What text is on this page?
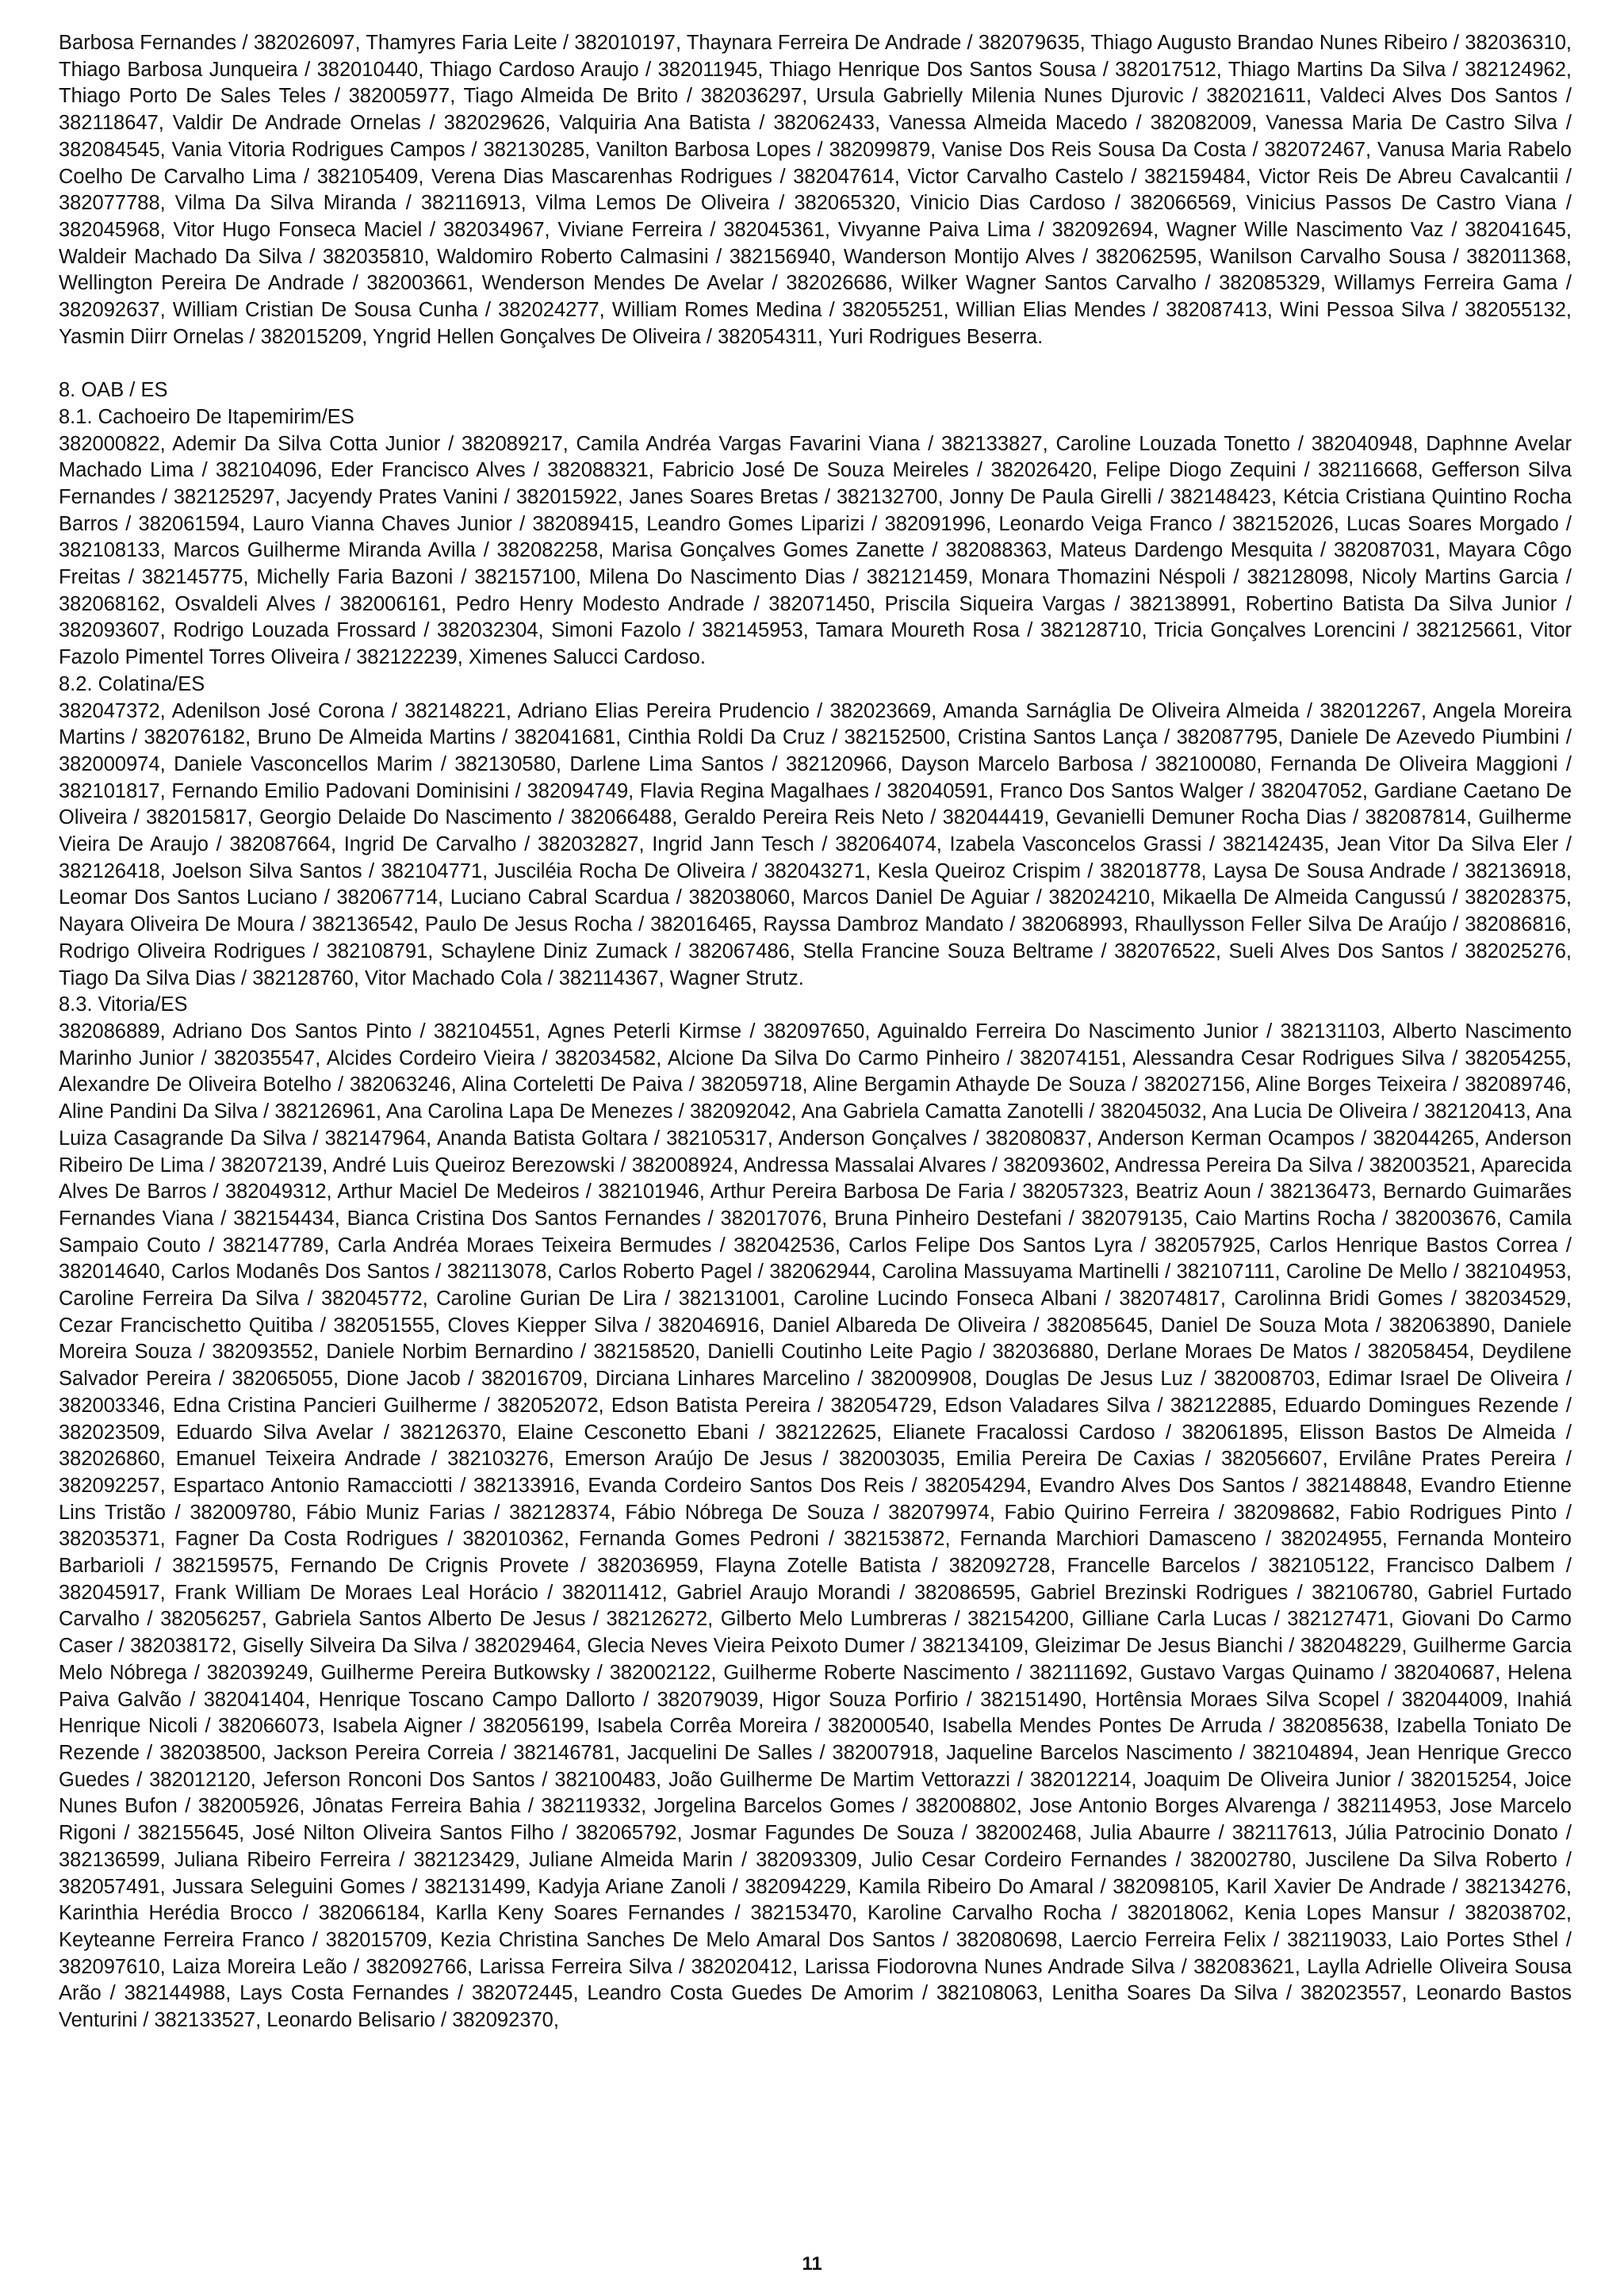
Barbosa Fernandes / 382026097, Thamyres Faria Leite / 382010197, Thaynara Ferreira De Andrade / 382079635, Thiago Augusto Brandao Nunes Ribeiro / 382036310, Thiago Barbosa Junqueira / 382010440, Thiago Cardoso Araujo / 382011945, Thiago Henrique Dos Santos Sousa / 382017512, Thiago Martins Da Silva / 382124962, Thiago Porto De Sales Teles / 382005977, Tiago Almeida De Brito / 382036297, Ursula Gabrielly Milenia Nunes Djurovic / 382021611, Valdeci Alves Dos Santos / 382118647, Valdir De Andrade Ornelas / 382029626, Valquiria Ana Batista / 382062433, Vanessa Almeida Macedo / 382082009, Vanessa Maria De Castro Silva / 382084545, Vania Vitoria Rodrigues Campos / 382130285, Vanilton Barbosa Lopes / 382099879, Vanise Dos Reis Sousa Da Costa / 382072467, Vanusa Maria Rabelo Coelho De Carvalho Lima / 382105409, Verena Dias Mascarenhas Rodrigues / 382047614, Victor Carvalho Castelo / 382159484, Victor Reis De Abreu Cavalcantii / 382077788, Vilma Da Silva Miranda / 382116913, Vilma Lemos De Oliveira / 382065320, Vinicio Dias Cardoso / 382066569, Vinicius Passos De Castro Viana / 382045968, Vitor Hugo Fonseca Maciel / 382034967, Viviane Ferreira / 382045361, Vivyanne Paiva Lima / 382092694, Wagner Wille Nascimento Vaz / 382041645, Waldeir Machado Da Silva / 382035810, Waldomiro Roberto Calmasini / 382156940, Wanderson Montijo Alves / 382062595, Wanilson Carvalho Sousa / 382011368, Wellington Pereira De Andrade / 382003661, Wenderson Mendes De Avelar / 382026686, Wilker Wagner Santos Carvalho / 382085329, Willamys Ferreira Gama / 382092637, William Cristian De Sousa Cunha / 382024277, William Romes Medina / 382055251, Willian Elias Mendes / 382087413, Wini Pessoa Silva / 382055132, Yasmin Diirr Ornelas / 382015209, Yngrid Hellen Gonçalves De Oliveira / 382054311, Yuri Rodrigues Beserra.

8. OAB / ES

8.1. Cachoeiro De Itapemirim/ES

382000822, Ademir Da Silva Cotta Junior / 382089217, Camila Andréa Vargas Favarini Viana / 382133827, Caroline Louzada Tonetto / 382040948, Daphnne Avelar Machado Lima / 382104096, Eder Francisco Alves / 382088321, Fabricio José De Souza Meireles / 382026420, Felipe Diogo Zequini / 382116668, Gefferson Silva Fernandes / 382125297, Jacyendy Prates Vanini / 382015922, Janes Soares Bretas / 382132700, Jonny De Paula Girelli / 382148423, Kétcia Cristiana Quintino Rocha Barros / 382061594, Lauro Vianna Chaves Junior / 382089415, Leandro Gomes Liparizi / 382091996, Leonardo Veiga Franco / 382152026, Lucas Soares Morgado / 382108133, Marcos Guilherme Miranda Avilla / 382082258, Marisa Gonçalves Gomes Zanette / 382088363, Mateus Dardengo Mesquita / 382087031, Mayara Côgo Freitas / 382145775, Michelly Faria Bazoni / 382157100, Milena Do Nascimento Dias / 382121459, Monara Thomazini Néspoli / 382128098, Nicoly Martins Garcia / 382068162, Osvaldeli Alves / 382006161, Pedro Henry Modesto Andrade / 382071450, Priscila Siqueira Vargas / 382138991, Robertino Batista Da Silva Junior / 382093607, Rodrigo Louzada Frossard / 382032304, Simoni Fazolo / 382145953, Tamara Moureth Rosa / 382128710, Tricia Gonçalves Lorencini / 382125661, Vitor Fazolo Pimentel Torres Oliveira / 382122239, Ximenes Salucci Cardoso.

8.2. Colatina/ES

382047372, Adenilson José Corona / 382148221, Adriano Elias Pereira Prudencio / 382023669, Amanda Sarnáglia De Oliveira Almeida / 382012267, Angela Moreira Martins / 382076182, Bruno De Almeida Martins / 382041681, Cinthia Roldi Da Cruz / 382152500, Cristina Santos Lança / 382087795, Daniele De Azevedo Piumbini / 382000974, Daniele Vasconcellos Marim / 382130580, Darlene Lima Santos / 382120966, Dayson Marcelo Barbosa / 382100080, Fernanda De Oliveira Maggioni / 382101817, Fernando Emilio Padovani Dominisini / 382094749, Flavia Regina Magalhaes / 382040591, Franco Dos Santos Walger / 382047052, Gardiane Caetano De Oliveira / 382015817, Georgio Delaide Do Nascimento / 382066488, Geraldo Pereira Reis Neto / 382044419, Gevanielli Demuner Rocha Dias / 382087814, Guilherme Vieira De Araujo / 382087664, Ingrid De Carvalho / 382032827, Ingrid Jann Tesch / 382064074, Izabela Vasconcelos Grassi / 382142435, Jean Vitor Da Silva Eler / 382126418, Joelson Silva Santos / 382104771, Jusciléia Rocha De Oliveira / 382043271, Kesla Queiroz Crispim / 382018778, Laysa De Sousa Andrade / 382136918, Leomar Dos Santos Luciano / 382067714, Luciano Cabral Scardua / 382038060, Marcos Daniel De Aguiar / 382024210, Mikaella De Almeida Cangussú / 382028375, Nayara Oliveira De Moura / 382136542, Paulo De Jesus Rocha / 382016465, Rayssa Dambroz Mandato / 382068993, Rhaullysson Feller Silva De Araújo / 382086816, Rodrigo Oliveira Rodrigues / 382108791, Schaylene Diniz Zumack / 382067486, Stella Francine Souza Beltrame / 382076522, Sueli Alves Dos Santos / 382025276, Tiago Da Silva Dias / 382128760, Vitor Machado Cola / 382114367, Wagner Strutz.

8.3. Vitoria/ES

382086889, Adriano Dos Santos Pinto / 382104551, Agnes Peterli Kirmse / 382097650, Aguinaldo Ferreira Do Nascimento Junior / 382131103, Alberto Nascimento Marinho Junior / 382035547, Alcides Cordeiro Vieira / 382034582, Alcione Da Silva Do Carmo Pinheiro / 382074151, Alessandra Cesar Rodrigues Silva / 382054255, Alexandre De Oliveira Botelho / 382063246, Alina Corteletti De Paiva / 382059718, Aline Bergamin Athayde De Souza / 382027156, Aline Borges Teixeira / 382089746, Aline Pandini Da Silva / 382126961, Ana Carolina Lapa De Menezes / 382092042, Ana Gabriela Camatta Zanotelli / 382045032, Ana Lucia De Oliveira / 382120413, Ana Luiza Casagrande Da Silva / 382147964, Ananda Batista Goltara / 382105317, Anderson Gonçalves / 382080837, Anderson Kerman Ocampos / 382044265, Anderson Ribeiro De Lima / 382072139, André Luis Queiroz Berezowski / 382008924, Andressa Massalai Alvares / 382093602, Andressa Pereira Da Silva / 382003521, Aparecida Alves De Barros / 382049312, Arthur Maciel De Medeiros / 382101946, Arthur Pereira Barbosa De Faria / 382057323, Beatriz Aoun / 382136473, Bernardo Guimarães Fernandes Viana / 382154434, Bianca Cristina Dos Santos Fernandes / 382017076, Bruna Pinheiro Destefani / 382079135, Caio Martins Rocha / 382003676, Camila Sampaio Couto / 382147789, Carla Andréa Moraes Teixeira Bermudes / 382042536, Carlos Felipe Dos Santos Lyra / 382057925, Carlos Henrique Bastos Correa / 382014640, Carlos Modanês Dos Santos / 382113078, Carlos Roberto Pagel / 382062944, Carolina Massuyama Martinelli / 382107111, Caroline De Mello / 382104953, Caroline Ferreira Da Silva / 382045772, Caroline Gurian De Lira / 382131001, Caroline Lucindo Fonseca Albani / 382074817, Carolinna Bridi Gomes / 382034529, Cezar Francischetto Quitiba / 382051555, Cloves Kiepper Silva / 382046916, Daniel Albareda De Oliveira / 382085645, Daniel De Souza Mota / 382063890, Daniele Moreira Souza / 382093552, Daniele Norbim Bernardino / 382158520, Danielli Coutinho Leite Pagio / 382036880, Derlane Moraes De Matos / 382058454, Deydilene Salvador Pereira / 382065055, Dione Jacob / 382016709, Dirciana Linhares Marcelino / 382009908, Douglas De Jesus Luz / 382008703, Edimar Israel De Oliveira / 382003346, Edna Cristina Pancieri Guilherme / 382052072, Edson Batista Pereira / 382054729, Edson Valadares Silva / 382122885, Eduardo Domingues Rezende / 382023509, Eduardo Silva Avelar / 382126370, Elaine Cesconetto Ebani / 382122625, Elianete Fracalossi Cardoso / 382061895, Elisson Bastos De Almeida / 382026860, Emanuel Teixeira Andrade / 382103276, Emerson Araújo De Jesus / 382003035, Emilia Pereira De Caxias / 382056607, Ervilâne Prates Pereira / 382092257, Espartaco Antonio Ramacciotti / 382133916, Evanda Cordeiro Santos Dos Reis / 382054294, Evandro Alves Dos Santos / 382148848, Evandro Etienne Lins Tristão / 382009780, Fábio Muniz Farias / 382128374, Fábio Nóbrega De Souza / 382079974, Fabio Quirino Ferreira / 382098682, Fabio Rodrigues Pinto / 382035371, Fagner Da Costa Rodrigues / 382010362, Fernanda Gomes Pedroni / 382153872, Fernanda Marchiori Damasceno / 382024955, Fernanda Monteiro Barbarioli / 382159575, Fernando De Crignis Provete / 382036959, Flayna Zotelle Batista / 382092728, Francelle Barcelos / 382105122, Francisco Dalbem / 382045917, Frank William De Moraes Leal Horácio / 382011412, Gabriel Araujo Morandi / 382086595, Gabriel Brezinski Rodrigues / 382106780, Gabriel Furtado Carvalho / 382056257, Gabriela Santos Alberto De Jesus / 382126272, Gilberto Melo Lumbreras / 382154200, Gilliane Carla Lucas / 382127471, Giovani Do Carmo Caser / 382038172, Giselly Silveira Da Silva / 382029464, Glecia Neves Vieira Peixoto Dumer / 382134109, Gleizimar De Jesus Bianchi / 382048229, Guilherme Garcia Melo Nóbrega / 382039249, Guilherme Pereira Butkowsky / 382002122, Guilherme Roberte Nascimento / 382111692, Gustavo Vargas Quinamo / 382040687, Helena Paiva Galvão / 382041404, Henrique Toscano Campo Dallorto / 382079039, Higor Souza Porfirio / 382151490, Hortênsia Moraes Silva Scopel / 382044009, Inahiá Henrique Nicoli / 382066073, Isabela Aigner / 382056199, Isabela Corrêa Moreira / 382000540, Isabella Mendes Pontes De Arruda / 382085638, Izabella Toniato De Rezende / 382038500, Jackson Pereira Correia / 382146781, Jacquelini De Salles / 382007918, Jaqueline Barcelos Nascimento / 382104894, Jean Henrique Grecco Guedes / 382012120, Jeferson Ronconi Dos Santos / 382100483, João Guilherme De Martim Vettorazzi / 382012214, Joaquim De Oliveira Junior / 382015254, Joice Nunes Bufon / 382005926, Jônatas Ferreira Bahia / 382119332, Jorgelina Barcelos Gomes / 382008802, Jose Antonio Borges Alvarenga / 382114953, Jose Marcelo Rigoni / 382155645, José Nilton Oliveira Santos Filho / 382065792, Josmar Fagundes De Souza / 382002468, Julia Abaurre / 382117613, Júlia Patrocinio Donato / 382136599, Juliana Ribeiro Ferreira / 382123429, Juliane Almeida Marin / 382093309, Julio Cesar Cordeiro Fernandes / 382002780, Juscilene Da Silva Roberto / 382057491, Jussara Seleguini Gomes / 382131499, Kadyja Ariane Zanoli / 382094229, Kamila Ribeiro Do Amaral / 382098105, Karil Xavier De Andrade / 382134276, Karinthia Herédia Brocco / 382066184, Karlla Keny Soares Fernandes / 382153470, Karoline Carvalho Rocha / 382018062, Kenia Lopes Mansur / 382038702, Keyteanne Ferreira Franco / 382015709, Kezia Christina Sanches De Melo Amaral Dos Santos / 382080698, Laercio Ferreira Felix / 382119033, Laio Portes Sthel / 382097610, Laiza Moreira Leão / 382092766, Larissa Ferreira Silva / 382020412, Larissa Fiodorovna Nunes Andrade Silva / 382083621, Laylla Adrielle Oliveira Sousa Arão / 382144988, Lays Costa Fernandes / 382072445, Leandro Costa Guedes De Amorim / 382108063, Lenitha Soares Da Silva / 382023557, Leonardo Bastos Venturini / 382133527, Leonardo Belisario / 382092370,

11
